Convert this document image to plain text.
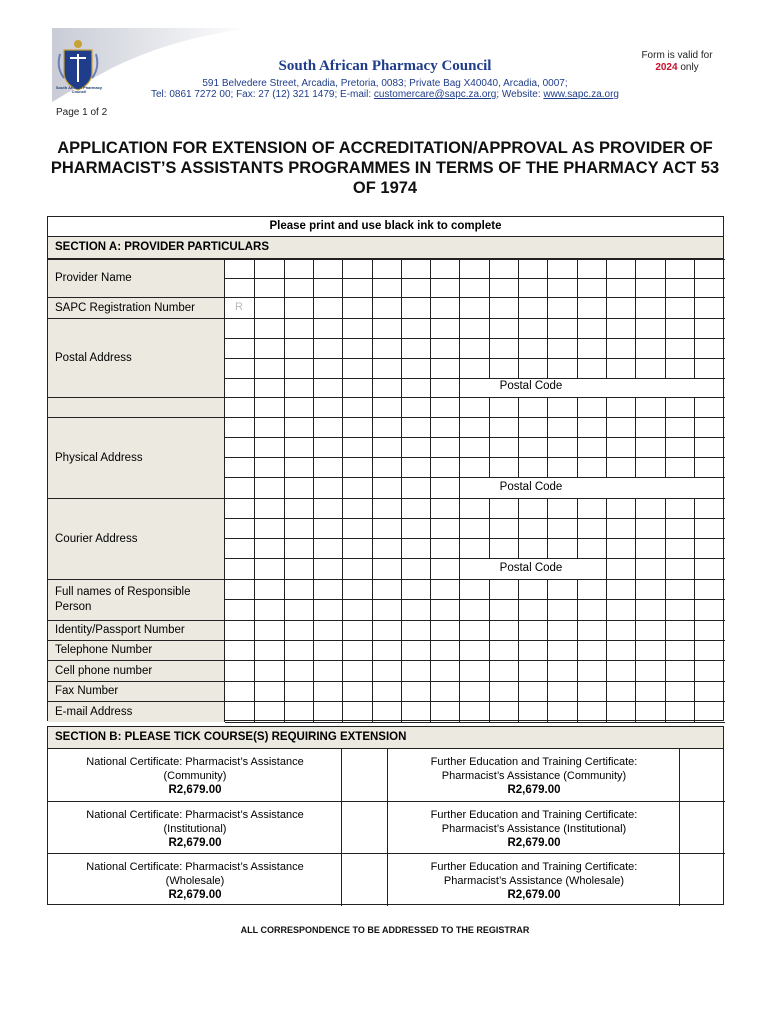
South African Pharmacy Council
South African Pharmacy Council
591 Belvedere Street, Arcadia, Pretoria, 0083; Private Bag X40040, Arcadia, 0007;
Tel: 0861 7272 00; Fax: 27 (12) 321 1479; E-mail: customercare@sapc.za.org; Website: www.sapc.za.org
Form is valid for
2024 only
Page 1 of 2
APPLICATION FOR EXTENSION OF ACCREDITATION/APPROVAL AS PROVIDER OF PHARMACIST’S ASSISTANTS PROGRAMMES IN TERMS OF THE PHARMACY ACT 53 OF 1974
Please print and use black ink to complete
SECTION A: PROVIDER PARTICULARS
Provider Name
SAPC Registration Number
Postal Address
Physical Address
Courier Address
Full names of Responsible Person
Identity/Passport Number
Telephone Number
Cell phone number
Fax Number
E-mail Address
R
Postal Code
Postal Code
Postal Code
SECTION B: PLEASE TICK COURSE(S) REQUIRING EXTENSION
National Certificate: Pharmacist’s Assistance
(Community)
R2,679.00
Further Education and Training Certificate:
Pharmacist’s Assistance (Community)
R2,679.00
National Certificate: Pharmacist’s Assistance
(Institutional)
R2,679.00
Further Education and Training Certificate:
Pharmacist’s Assistance (Institutional)
R2,679.00
National Certificate: Pharmacist’s Assistance
(Wholesale)
R2,679.00
Further Education and Training Certificate:
Pharmacist’s Assistance (Wholesale)
R2,679.00
ALL CORRESPONDENCE TO BE ADDRESSED TO THE REGISTRAR
